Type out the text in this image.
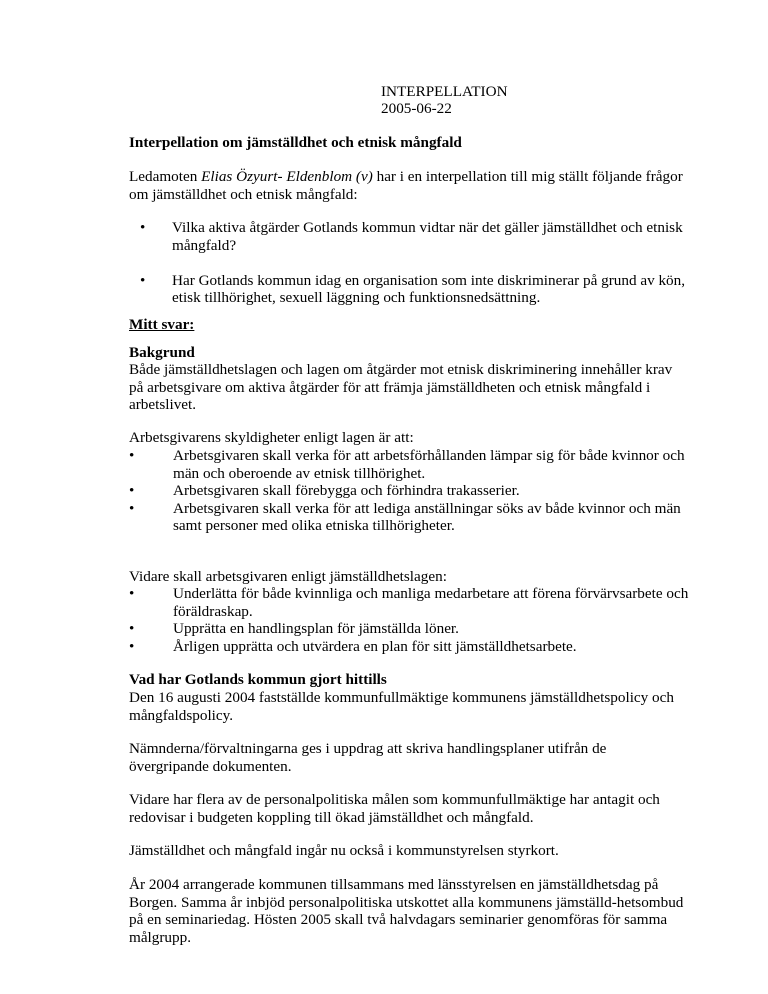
INTERPELLATION
2005-06-22

Interpellation om jämställdhet och etnisk mångfald

Ledamoten Elias Özyurt- Eldenblom (v) har i en interpellation till mig ställt följande frågor om jämställdhet och etnisk mångfald:

• Vilka aktiva åtgärder Gotlands kommun vidtar när det gäller jämställdhet och etnisk mångfald?
• Har Gotlands kommun idag en organisation som inte diskriminerar på grund av kön, etisk tillhörighet, sexuell läggning och funktionsnedsättning.

Mitt svar:

Bakgrund

Både jämställdhetslagen och lagen om åtgärder mot etnisk diskriminering innehåller krav på arbetsgivare om aktiva åtgärder för att främja jämställdheten och etnisk mångfald i arbetslivet.

Arbetsgivarens skyldigheter enligt lagen är att:

•	Arbetsgivaren skall verka för att arbetsförhållanden lämpar sig för både kvinnor och män och oberoende av etnisk tillhörighet.
•	Arbetsgivaren skall förebygga och förhindra trakasserier.
•	Arbetsgivaren skall verka för att lediga anställningar söks av både kvinnor och män samt personer med olika etniska tillhörigheter.

Vidare skall arbetsgivaren enligt jämställdhetslagen:

•	Underlätta för både kvinnliga och manliga medarbetare att förena förvärvsarbete och föräldraskap.
•	Upprätta en handlingsplan för jämställda löner.
•	Årligen upprätta och utvärdera en plan för sitt jämställdhetsarbete.

Vad har Gotlands kommun gjort hittills

Den 16 augusti 2004 fastställde kommunfullmäktige kommunens jämställdhetspolicy och mångfaldspolicy.

Nämnderna/förvaltningarna ges i uppdrag att skriva handlingsplaner utifrån de övergripande dokumenten.

Vidare har flera av de personalpolitiska målen som kommunfullmäktige har antagit och redovisar i budgeten koppling till ökad jämställdhet och mångfald.

Jämställdhet och mångfald ingår nu också i kommunstyrelsen styrkort.

År 2004 arrangerade kommunen tillsammans med länsstyrelsen en jämställdhetsdag på Borgen. Samma år inbjöd personalpolitiska utskottet alla kommunens jämställd-hetsombud på en seminariedag. Hösten 2005 skall två halvdagars seminarier genomföras för samma målgrupp.
